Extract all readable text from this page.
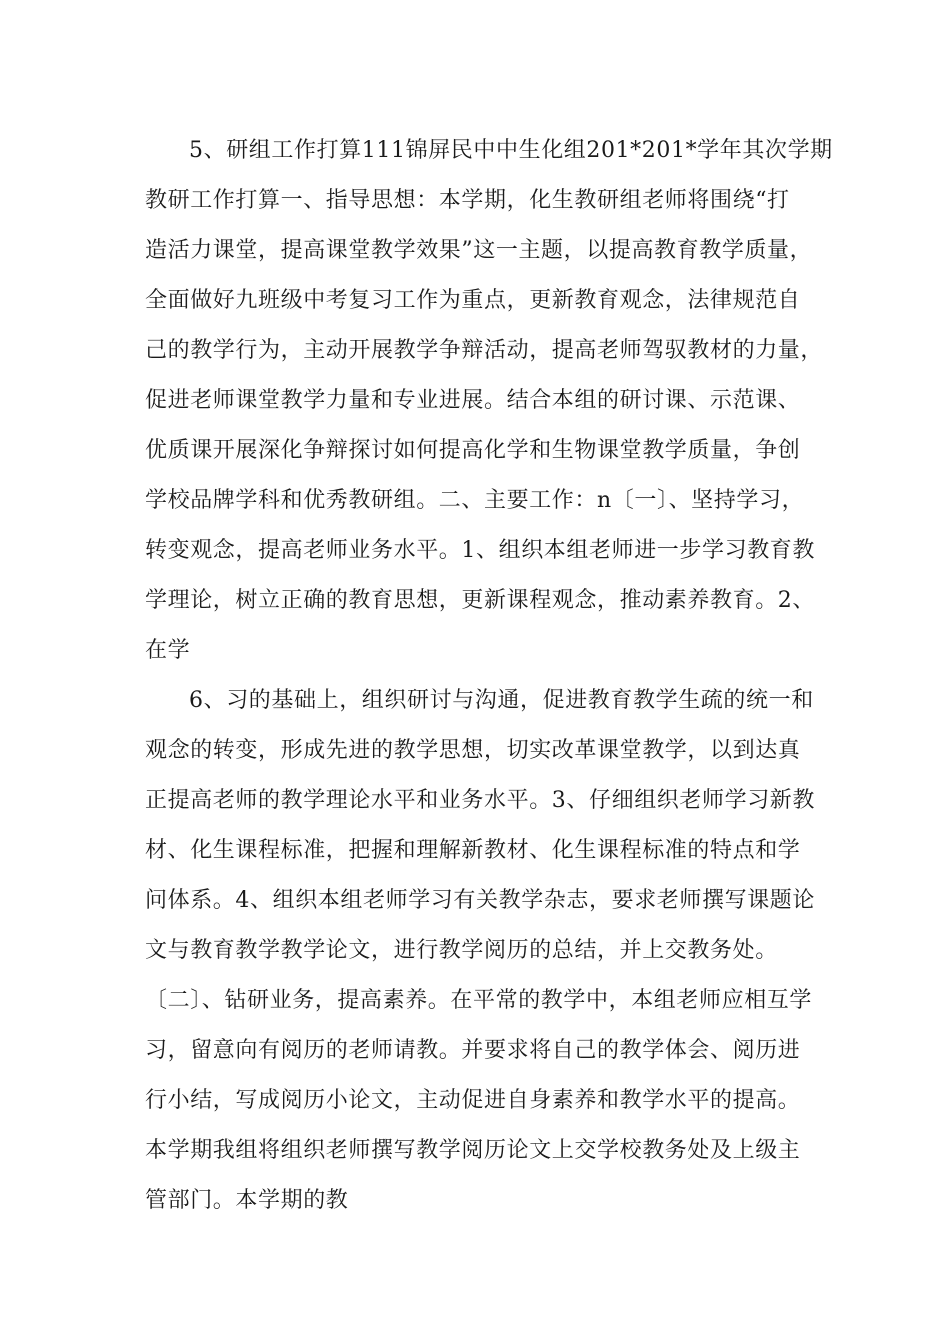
5、研组工作打算111锦屏民中中生化组201*201*学年其次学期
教研工作打算一、指导思想：本学期，化生教研组老师将围绕“打
造活力课堂，提高课堂教学效果”这一主题，以提高教育教学质量，
全面做好九班级中考复习工作为重点，更新教育观念，法律规范自
己的教学行为，主动开展教学争辩活动，提高老师驾驭教材的力量，
促进老师课堂教学力量和专业进展。结合本组的研讨课、示范课、
优质课开展深化争辩探讨如何提高化学和生物课堂教学质量，争创
学校品牌学科和优秀教研组。二、主要工作：n〔一〕、坚持学习，
转变观念，提高老师业务水平。1、组织本组老师进一步学习教育教
学理论，树立正确的教育思想，更新课程观念，推动素养教育。2、
在学
6、习的基础上，组织研讨与沟通，促进教育教学生疏的统一和
观念的转变，形成先进的教学思想，切实改革课堂教学，以到达真
正提高老师的教学理论水平和业务水平。3、仔细组织老师学习新教
材、化生课程标准，把握和理解新教材、化生课程标准的特点和学
问体系。4、组织本组老师学习有关教学杂志，要求老师撰写课题论
文与教育教学教学论文，进行教学阅历的总结，并上交教务处。
〔二〕、钻研业务，提高素养。在平常的教学中，本组老师应相互学
习，留意向有阅历的老师请教。并要求将自己的教学体会、阅历进
行小结，写成阅历小论文，主动促进自身素养和教学水平的提高。
本学期我组将组织老师撰写教学阅历论文上交学校教务处及上级主
管部门。本学期的教
